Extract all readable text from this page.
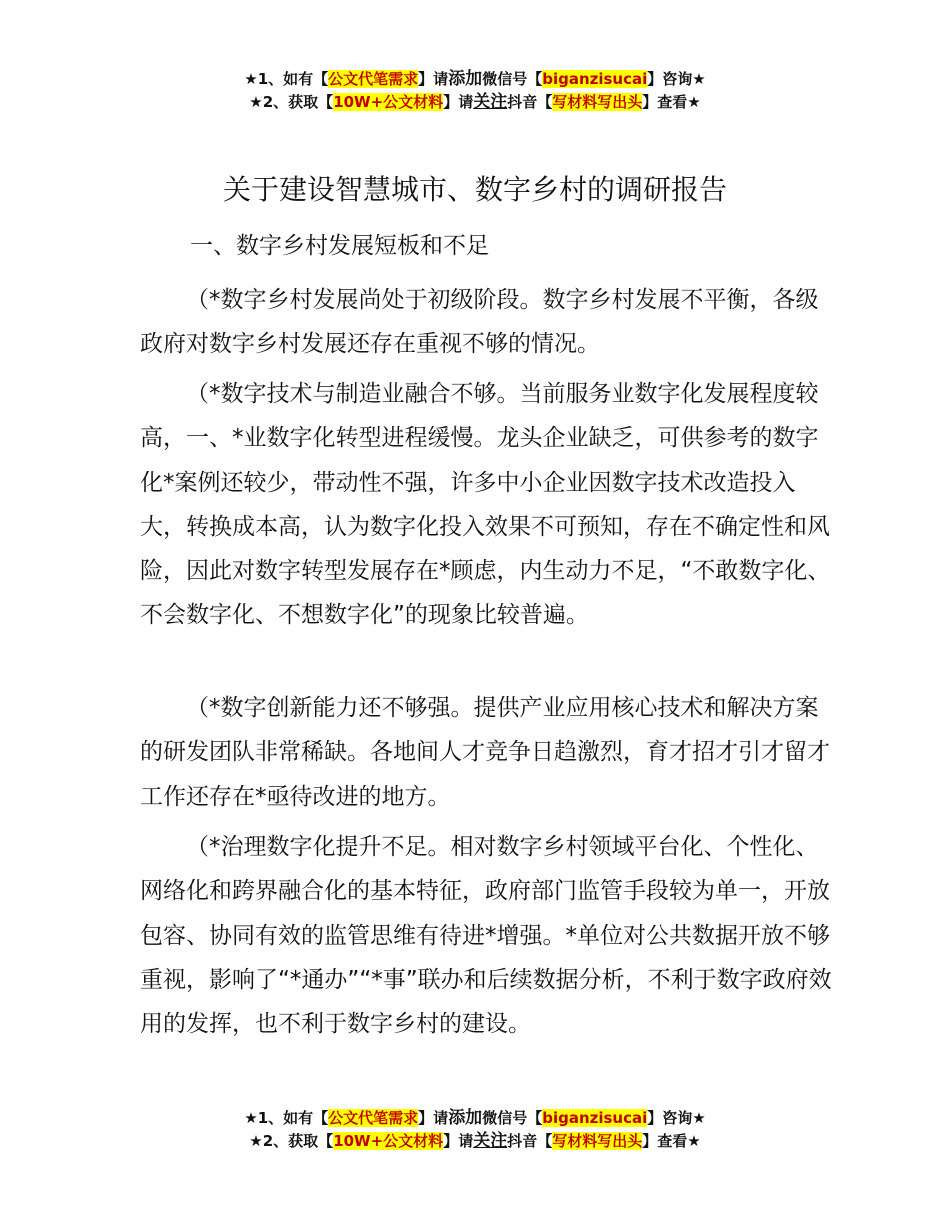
★1、如有【公文代笔需求】请添加微信号【biganzisucai】咨询★
★2、获取【10W+公文材料】请关注抖音【写材料写出头】查看★
关于建设智慧城市、数字乡村的调研报告
一、数字乡村发展短板和不足

（*数字乡村发展尚处于初级阶段。数字乡村发展不平衡，各级政府对数字乡村发展还存在重视不够的情况。

（*数字技术与制造业融合不够。当前服务业数字化发展程度较高，一、*业数字化转型进程缓慢。龙头企业缺乏，可供参考的数字化*案例还较少，带动性不强，许多中小企业因数字技术改造投入大，转换成本高，认为数字化投入效果不可预知，存在不确定性和风险，因此对数字转型发展存在*顾虑，内生动力不足，“不敢数字化、不会数字化、不想数字化”的现象比较普遍。

（*数字创新能力还不够强。提供产业应用核心技术和解决方案的研发团队非常稀缺。各地间人才竞争日趋激烈，育才招才引才留才工作还存在*亟待改进的地方。

（*治理数字化提升不足。相对数字乡村领域平台化、个性化、网络化和跨界融合化的基本特征，政府部门监管手段较为单一，开放包容、协同有效的监管思维有待进*增强。*单位对公共数据开放不够重视，影响了“*通办”“*事”联办和后续数据分析，不利于数字政府效用的发挥，也不利于数字乡村的建设。

★1、如有【公文代笔需求】请添加微信号【biganzisucai】咨询★
★2、获取【10W+公文材料】请关注抖音【写材料写出头】查看★
